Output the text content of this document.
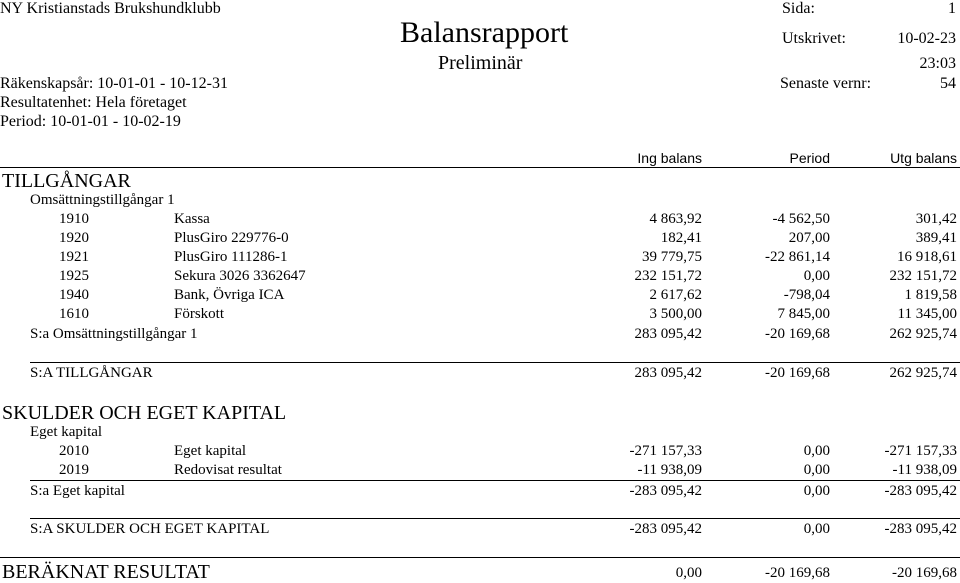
NY Kristianstads Brukshundklubb	Sida:	1
Balansrapport	Utskrivet:	10-02-23
Preliminär	23:03
Räkenskapsår: 10-01-01 - 10-12-31	Senaste vernr:	54
Resultatenhet: Hela företaget
Period: 10-01-01 - 10-02-19
Ing balans	Period	Utg balans
TILLGÅNGAR
Omsättningstillgångar 1
1910	Kassa	4 863,92	-4 562,50	301,42
1920	PlusGiro 229776-0	182,41	207,00	389,41
1921	PlusGiro 111286-1	39 779,75	-22 861,14	16 918,61
1925	Sekura 3026 3362647	232 151,72	0,00	232 151,72
1940	Bank, Övriga ICA	2 617,62	-798,04	1 819,58
1610	Förskott	3 500,00	7 845,00	11 345,00
S:a Omsättningstillgångar 1	283 095,42	-20 169,68	262 925,74
S:A TILLGÅNGAR	283 095,42	-20 169,68	262 925,74
SKULDER OCH EGET KAPITAL
Eget kapital
2010	Eget kapital	-271 157,33	0,00	-271 157,33
2019	Redovisat resultat	-11 938,09	0,00	-11 938,09
S:a Eget kapital	-283 095,42	0,00	-283 095,42
S:A SKULDER OCH EGET KAPITAL	-283 095,42	0,00	-283 095,42
BERÄKNAT RESULTAT	0,00	-20 169,68	-20 169,68
